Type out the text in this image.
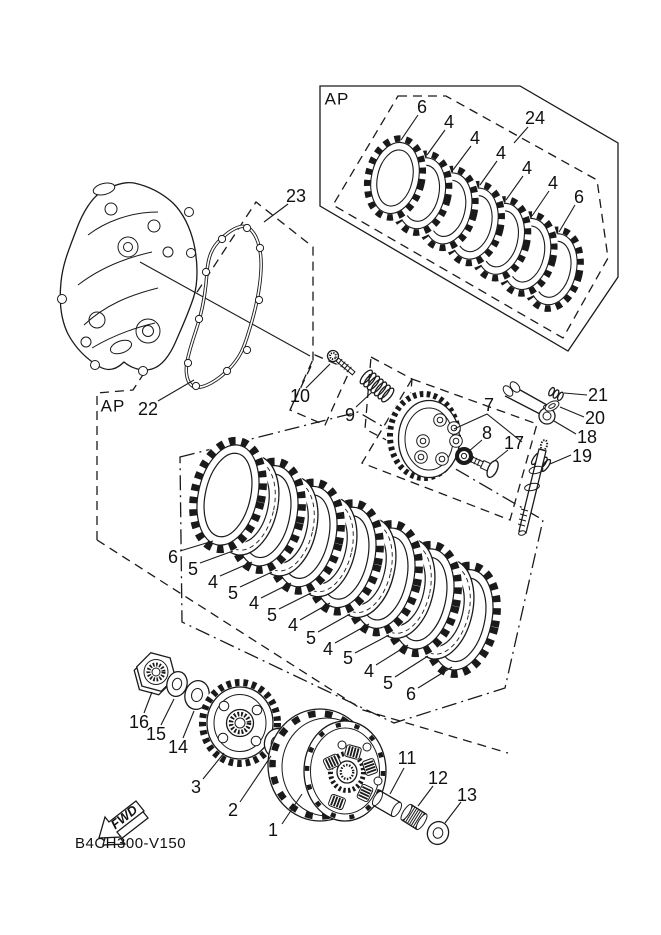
FWD
B4CH300-V150
AP
AP
6
4
4
4
4
4
6
24
23
22
10
9	7
8 17
21
20
18
19
6
5
4
5 4
5 4
5
4 5
4
5
6
16
15
14
3
2
1
11
12
13
